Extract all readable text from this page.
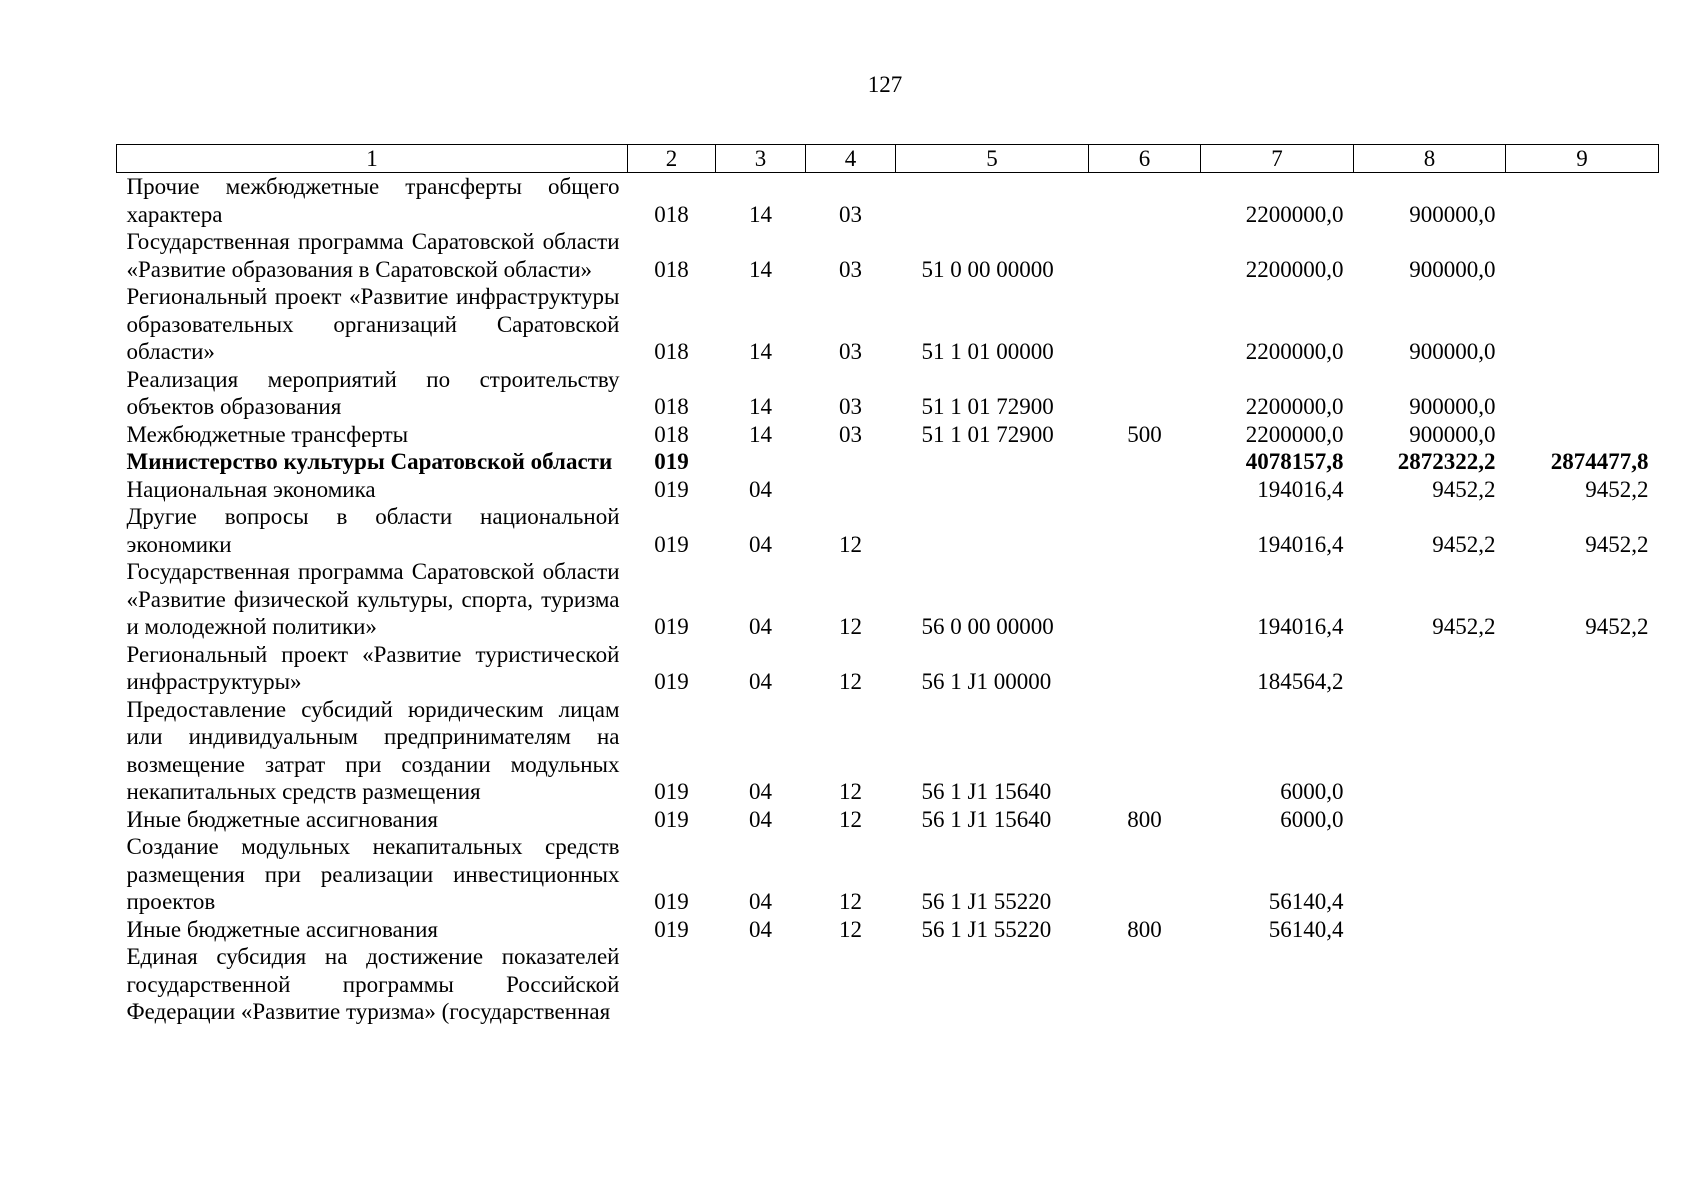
127
1	2	3	4	5	6	7	8	9
Прочие межбюджетные трансферты общего характера	018	14	03			2200000,0	900000,0	
Государственная программа Саратовской области «Развитие образования в Саратовской области»	018	14	03	51 0 00 00000		2200000,0	900000,0	
Региональный проект «Развитие инфраструктуры образовательных организаций Саратовской области»	018	14	03	51 1 01 00000		2200000,0	900000,0	
Реализация мероприятий по строительству объектов образования	018	14	03	51 1 01 72900		2200000,0	900000,0	
Межбюджетные трансферты	018	14	03	51 1 01 72900	500	2200000,0	900000,0	
Министерство культуры Саратовской области	019					4078157,8	2872322,2	2874477,8
Национальная экономика	019	04				194016,4	9452,2	9452,2
Другие вопросы в области национальной экономики	019	04	12			194016,4	9452,2	9452,2
Государственная программа Саратовской области «Развитие физической культуры, спорта, туризма и молодежной политики»	019	04	12	56 0 00 00000		194016,4	9452,2	9452,2
Региональный проект «Развитие туристической инфраструктуры»	019	04	12	56 1 J1 00000		184564,2		
Предоставление субсидий юридическим лицам или индивидуальным предпринимателям на возмещение затрат при создании модульных некапитальных средств размещения	019	04	12	56 1 J1 15640		6000,0		
Иные бюджетные ассигнования	019	04	12	56 1 J1 15640	800	6000,0		
Создание модульных некапитальных средств размещения при реализации инвестиционных проектов	019	04	12	56 1 J1 55220		56140,4		
Иные бюджетные ассигнования	019	04	12	56 1 J1 55220	800	56140,4		
Единая субсидия на достижение показателей государственной программы Российской Федерации «Развитие туризма» (государственная								
